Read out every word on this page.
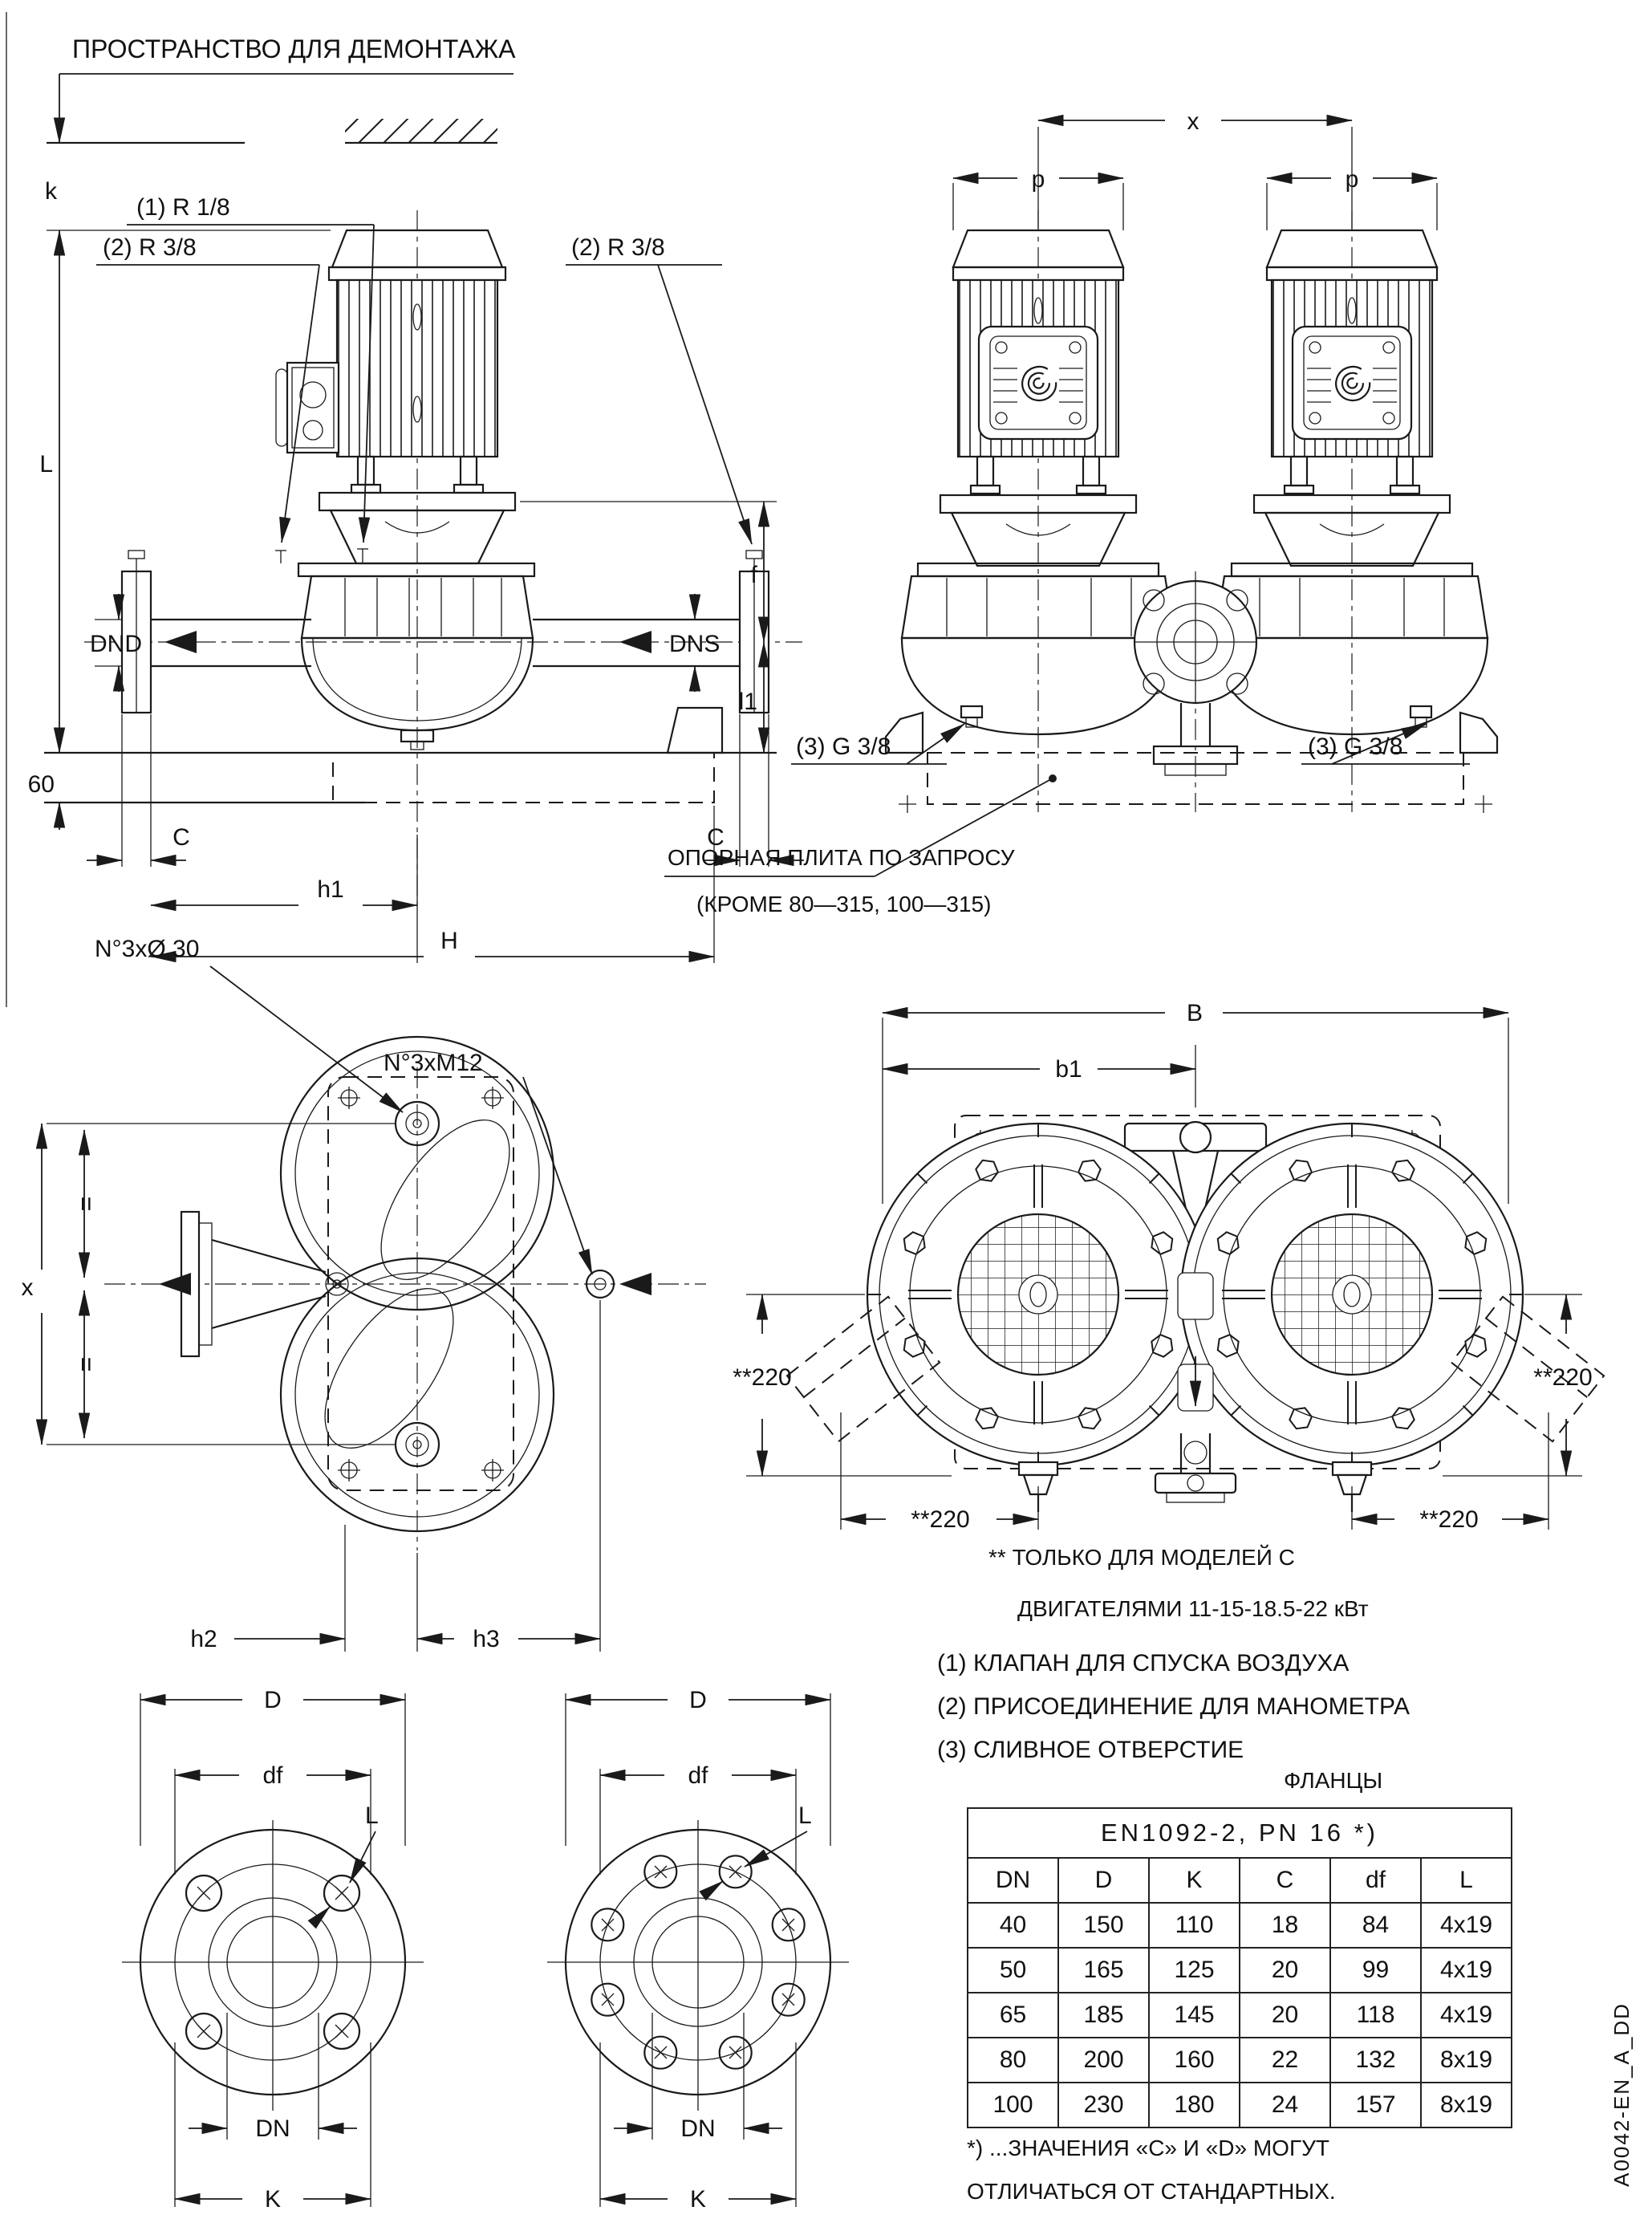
ПРОСТРАНСТВО ДЛЯ ДЕМОНТАЖА
k
L
60
(1) R 1/8
(2) R 3/8	(2) R 3/8
DND	DNS
f
l1
C	C
h1
H
x
p	p
(3) G 3/8	(3) G 3/8
ОПОРНАЯ ПЛИТА ПО ЗАПРОСУ
(КРОМЕ 80—315, 100—315)
N°3xØ 30
N°3xM12
x
=
=
h2	h3
B
b1
**220	**220
**220	**220
** ТОЛЬКО ДЛЯ МОДЕЛЕЙ С
ДВИГАТЕЛЯМИ 11-15-18.5-22 кВт
(1) КЛАПАН ДЛЯ СПУСКА ВОЗДУХА
(2) ПРИСОЕДИНЕНИЕ ДЛЯ МАНОМЕТРА
(3) СЛИВНОЕ ОТВЕРСТИЕ
ФЛАНЦЫ
D
df
L
DN
K
D
df
L
DN
K
*) ...ЗНАЧЕНИЯ «С» И «D» МОГУТ
ОТЛИЧАТЬСЯ ОТ СТАНДАРТНЫХ.
A0042-EN_A_DD
EN1092-2, PN 16 *)					
DN	D	K	C	df	L
40	150	110	18	84	4x19
50	165	125	20	99	4x19
65	185	145	20	118	4x19
80	200	160	22	132	8x19
100	230	180	24	157	8x19
